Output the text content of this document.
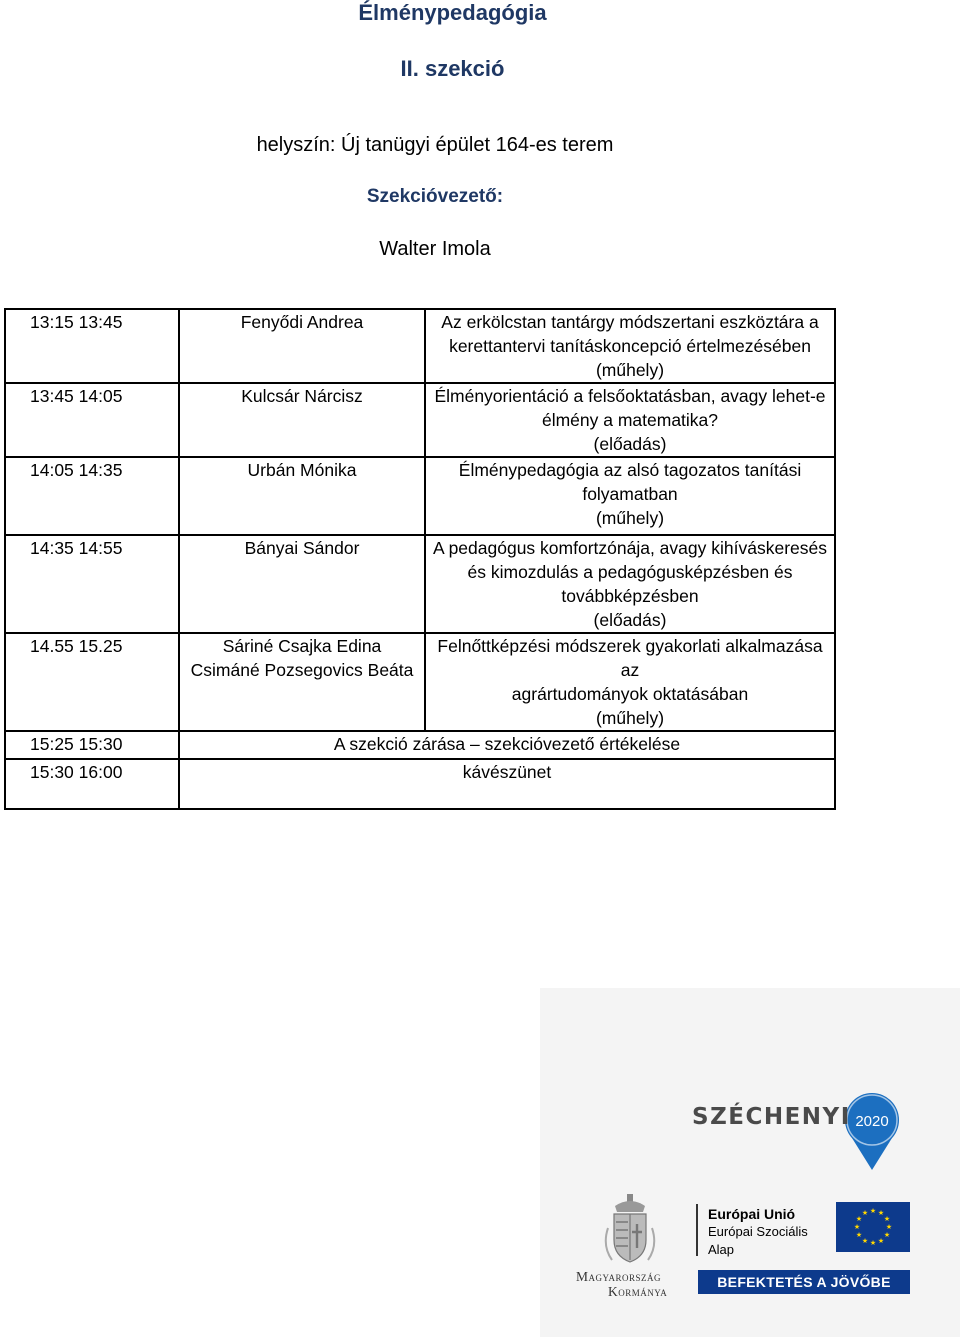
Élménypedagógia
II. szekció
helyszín: Új tanügyi épület 164-es terem
Szekcióvezető:
Walter Imola
13:15 13:45	Fenyődi Andrea	Az erkölcstan tantárgy módszertani eszköztára a
kerettantervi tanításkoncepció értelmezésében
(műhely)

13:45 14:05	Kulcsár Nárcisz	Élményorientáció a felsőoktatásban, avagy lehet-e
élmény a matematika?
(előadás)

14:05 14:35	Urbán Mónika	Élménypedagógia az alsó tagozatos tanítási
folyamatban
(műhely)

14:35 14:55	Bányai Sándor	A pedagógus komfortzónája, avagy kihíváskeresés
és kimozdulás a pedagógusképzésben és
továbbképzésben
(előadás)

14.55 15.25	Sáriné Csajka Edina
Csimáné Pozsegovics Beáta	Felnőttképzési módszerek gyakorlati alkalmazása az
agrártudományok oktatásában
(műhely)

15:25 15:30	A szekció zárása – szekcióvezető értékelése	
15:30 16:00	kávészünet	
2020
SZÉCHENYI
Európai Unió
Európai Szociális
Alap
★ ★
★
★
★
★
★
★
★
★
★
★
BEFEKTETÉS A JÖVŐBE
Magyarország
Kormánya
